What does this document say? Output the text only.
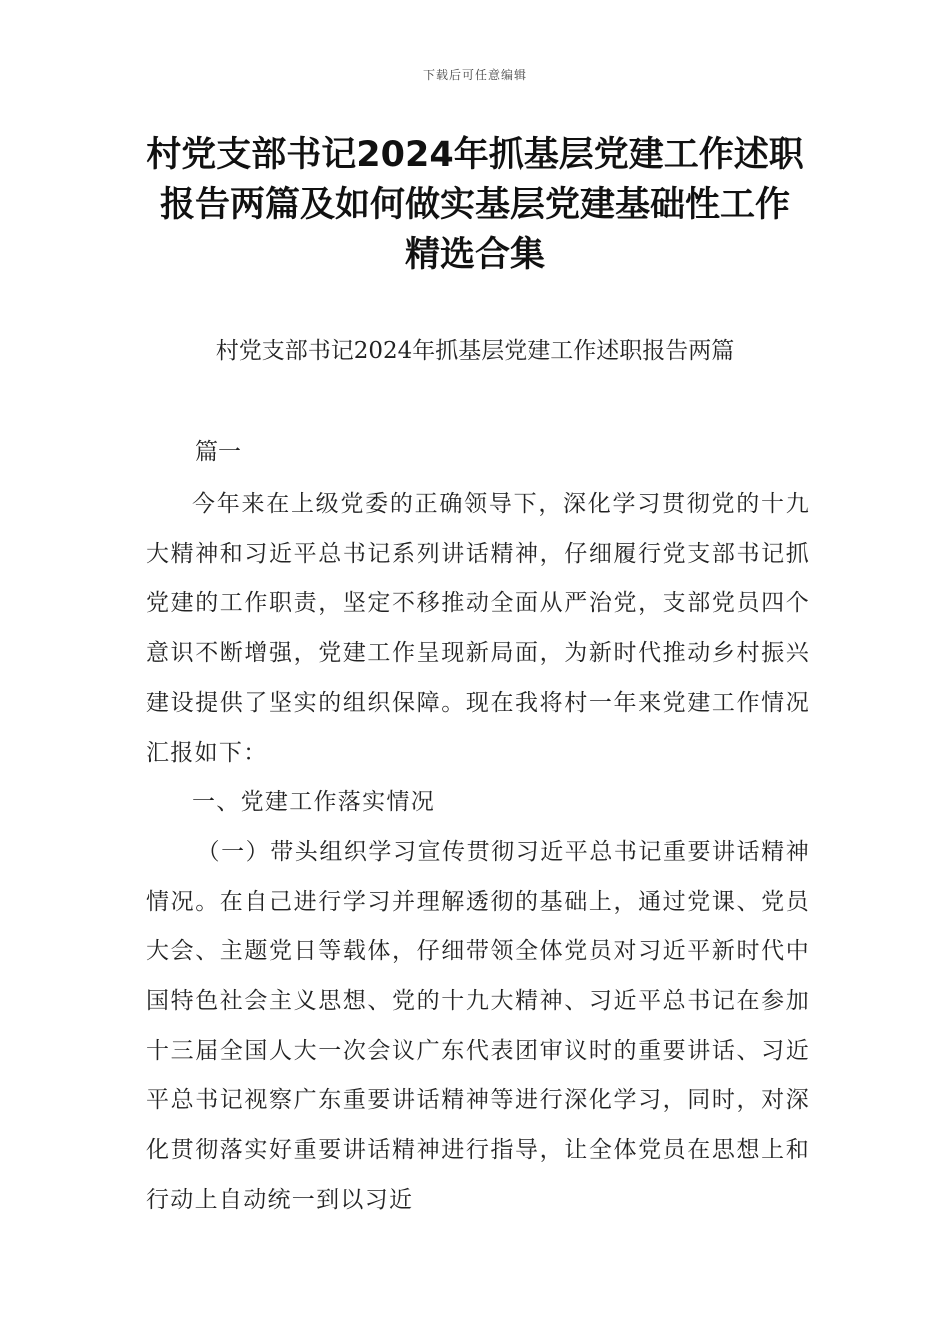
下载后可任意编辑
村党支部书记2024年抓基层党建工作述职
报告两篇及如何做实基层党建基础性工作
精选合集
村党支部书记2024年抓基层党建工作述职报告两篇
篇一

今年来在上级党委的正确领导下，深化学习贯彻党的十九大精神和习近平总书记系列讲话精神，仔细履行党支部书记抓党建的工作职责，坚定不移推动全面从严治党，支部党员四个意识不断增强，党建工作呈现新局面，为新时代推动乡村振兴建设提供了坚实的组织保障。现在我将村一年来党建工作情况汇报如下：

一、党建工作落实情况

（一）带头组织学习宣传贯彻习近平总书记重要讲话精神情况。在自己进行学习并理解透彻的基础上，通过党课、党员大会、主题党日等载体，仔细带领全体党员对习近平新时代中国特色社会主义思想、党的十九大精神、习近平总书记在参加十三届全国人大一次会议广东代表团审议时的重要讲话、习近平总书记视察广东重要讲话精神等进行深化学习，同时，对深化贯彻落实好重要讲话精神进行指导，让全体党员在思想上和行动上自动统一到以习近
